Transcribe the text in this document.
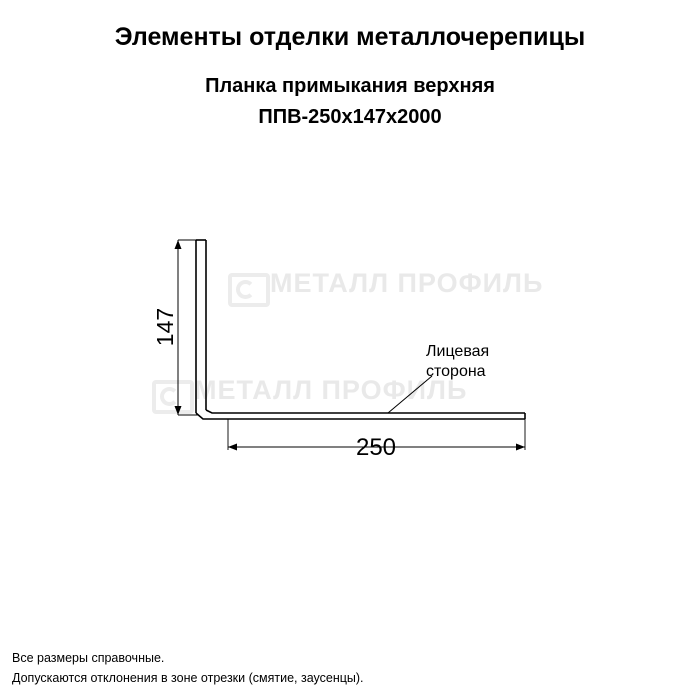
Элементы отделки металлочерепицы
Планка примыкания верхняя
ППВ-250x147x2000
МЕТАЛЛ ПРОФИЛЬ
МЕТАЛЛ ПРОФИЛЬ
147
250
Лицевая
сторона
Все размеры справочные.
Допускаются отклонения в зоне отрезки (смятие, заусенцы).
